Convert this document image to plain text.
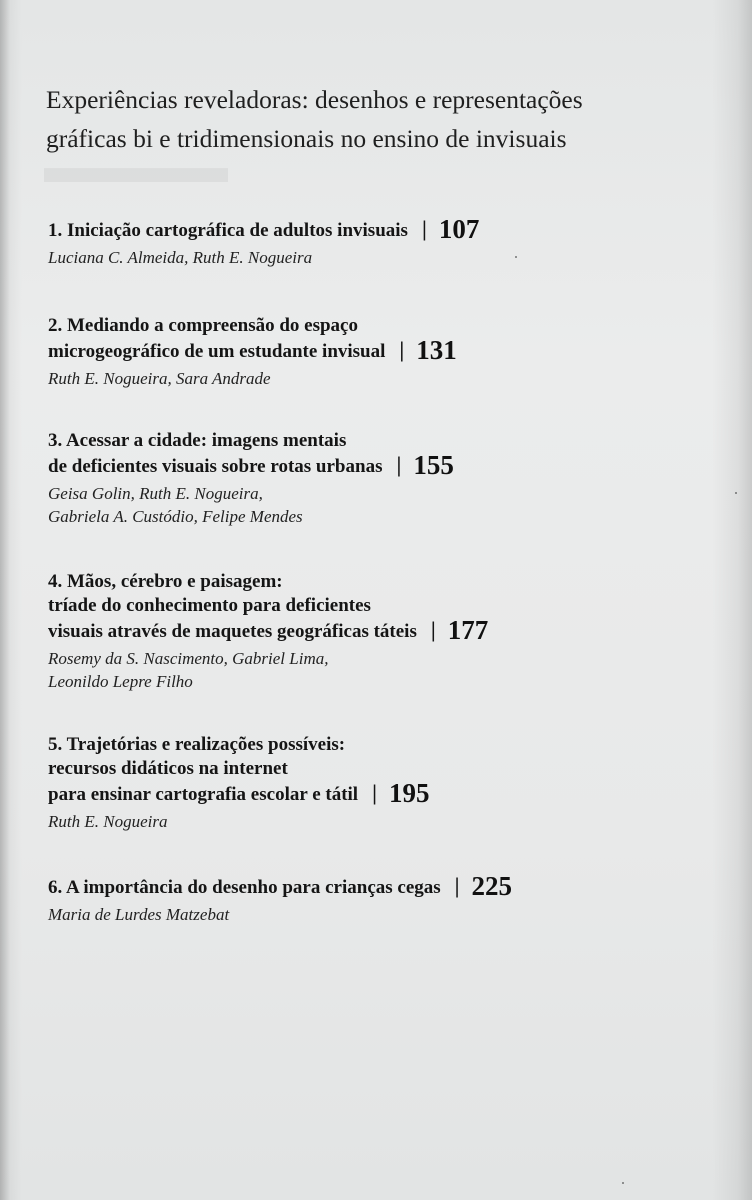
▬▬▬▬
Experiências reveladoras: desenhos e representações
gráficas bi e tridimensionais no ensino de invisuais

1. Iniciação cartográfica de adultos invisuais | 107

Luciana C. Almeida, Ruth E. Nogueira

2. Mediando a compreensão do espaço
microgeográfico de um estudante invisual | 131

Ruth E. Nogueira, Sara Andrade

3. Acessar a cidade: imagens mentais
de deficientes visuais sobre rotas urbanas | 155

Geisa Golin, Ruth E. Nogueira,
Gabriela A. Custódio, Felipe Mendes

4. Mãos, cérebro e paisagem:
tríade do conhecimento para deficientes
visuais através de maquetes geográficas táteis | 177

Rosemy da S. Nascimento, Gabriel Lima,
Leonildo Lepre Filho

5. Trajetórias e realizações possíveis:
recursos didáticos na internet
para ensinar cartografia escolar e tátil | 195

Ruth E. Nogueira

6. A importância do desenho para crianças cegas | 225

Maria de Lurdes Matzebat
